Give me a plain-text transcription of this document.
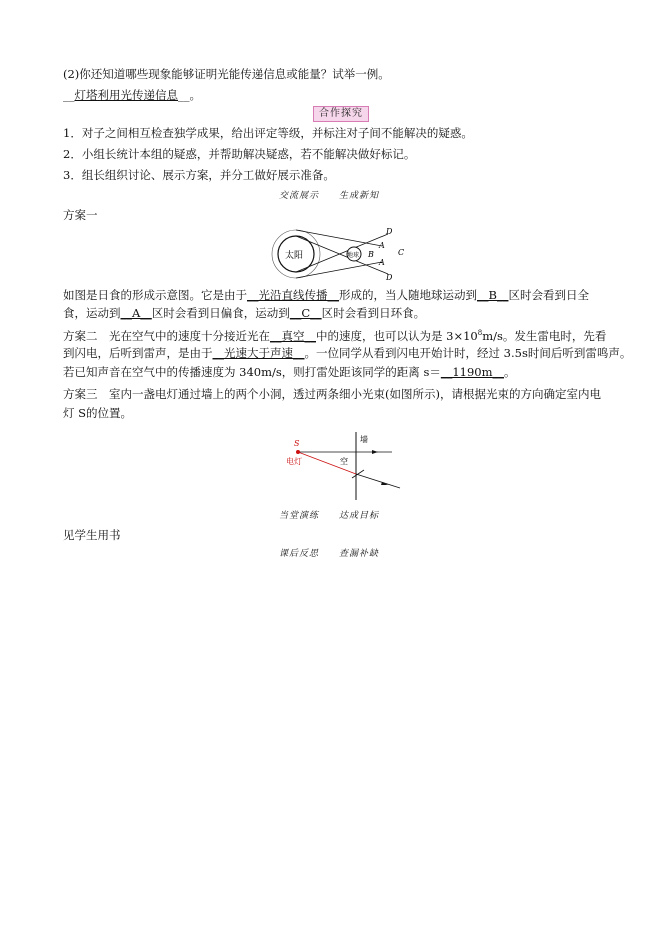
(2)你还知道哪些现象能够证明光能传递信息或能量？试举一例。
__灯塔利用光传递信息__。
合作探究
1．对子之间相互检查独学成果，给出评定等级，并标注对子间不能解决的疑惑。
2．小组长统计本组的疑惑，并帮助解决疑惑，若不能解决做好标记。
3．组长组织讨论、展示方案，并分工做好展示准备。
交流展示　　生成新知
方案一
太阳	地球 B
A
C
A
D
D
如图是日食的形成示意图。它是由于__光沿直线传播__形成的，当人随地球运动到__B__区时会看到日全
食，运动到__A__区时会看到日偏食，运动到__C__区时会看到日环食。
方案二　光在空气中的速度十分接近光在__真空__中的速度，也可以认为是 $3\times 10^8m/s$。发生雷电时，先看
到闪电，后听到雷声，是由于__光速大于声速__。一位同学从看到闪电开始计时，经过 3.5s时间后听到雷鸣声。
若已知声音在空气中的传播速度为 340m/s，则打雷处距该同学的距离 s＝__1190m__。
方案三　室内一盏电灯通过墙上的两个小洞，透过两条细小光束(如图所示)，请根据光束的方向确定室内电
灯 S的位置。
S
电灯
墙
空
当堂演练　　达成目标
见学生用书
课后反思　　查漏补缺
